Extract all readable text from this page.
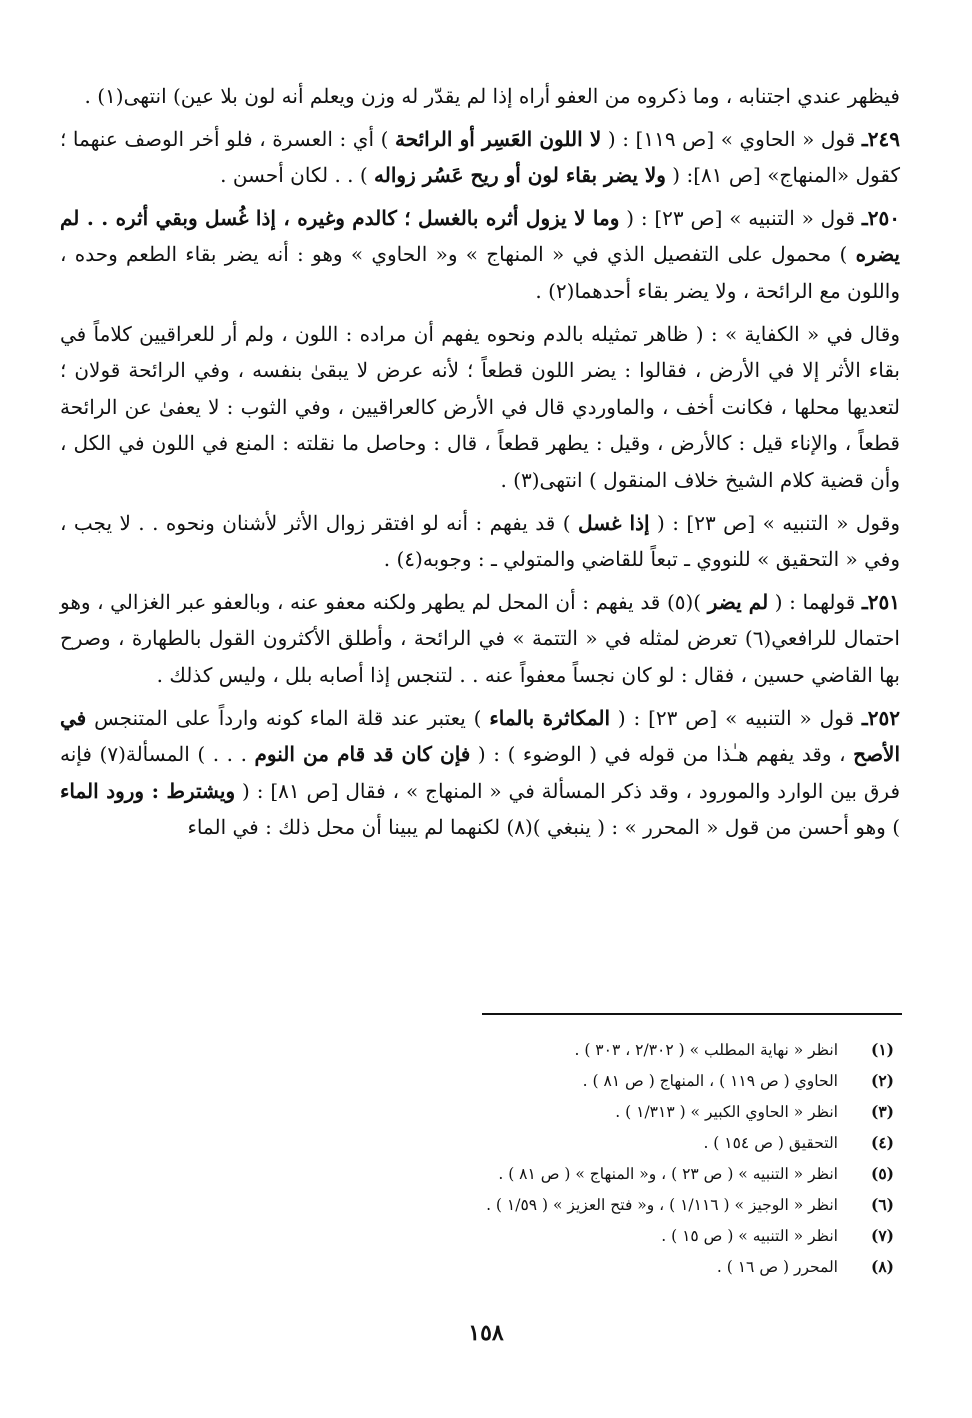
فيظهر عندي اجتنابه ، وما ذكروه من العفو أراه إذا لم يقدّر له وزن ويعلم أنه لون بلا عين) انتهى(١) .

٢٤٩ـ قول « الحاوي » [ص ١١٩] : ( لا اللون العَسِر أو الرائحة ) أي : العسرة ، فلو أخر الوصف عنهما ؛ كقول «المنهاج» [ص ٨١]: ( ولا يضر بقاء لون أو ريح عَسُر زواله ) . . لكان أحسن .

٢٥٠ـ قول « التنبيه » [ص ٢٣] : ( وما لا يزول أثره بالغسل ؛ كالدم وغيره ، إذا غُسل وبقي أثره . . لم يضره ) محمول على التفصيل الذي في « المنهاج » و« الحاوي » وهو : أنه يضر بقاء الطعم وحده ، واللون مع الرائحة ، ولا يضر بقاء أحدهما(٢) .

وقال في « الكفاية » : ( ظاهر تمثيله بالدم ونحوه يفهم أن مراده : اللون ، ولم أر للعراقيين كلاماً في بقاء الأثر إلا في الأرض ، فقالوا : يضر اللون قطعاً ؛ لأنه عرض لا يبقىٰ بنفسه ، وفي الرائحة قولان ؛ لتعديها محلها ، فكانت أخف ، والماوردي قال في الأرض كالعراقيين ، وفي الثوب : لا يعفىٰ عن الرائحة قطعاً ، والإناء قيل : كالأرض ، وقيل : يطهر قطعاً ، قال : وحاصل ما نقلته : المنع في اللون في الكل ، وأن قضية كلام الشيخ خلاف المنقول ) انتهى(٣) .

وقول « التنبيه » [ص ٢٣] : ( إذا غسل ) قد يفهم : أنه لو افتقر زوال الأثر لأشنان ونحوه . . لا يجب ، وفي « التحقيق » للنووي ـ تبعاً للقاضي والمتولي ـ : وجوبه(٤) .

٢٥١ـ قولهما : ( لم يضر )(٥) قد يفهم : أن المحل لم يطهر ولكنه معفو عنه ، وبالعفو عبر الغزالي ، وهو احتمال للرافعي(٦) تعرض لمثله في « التتمة » في الرائحة ، وأطلق الأكثرون القول بالطهارة ، وصرح بها القاضي حسين ، فقال : لو كان نجساً معفواً عنه . . لتنجس إذا أصابه بلل ، وليس كذلك .

٢٥٢ـ قول « التنبيه » [ص ٢٣] : ( المكاثرة بالماء ) يعتبر عند قلة الماء كونه وارداً على المتنجس في الأصح ، وقد يفهم هـٰذا من قوله في ( الوضوء ) : ( فإن كان قد قام من النوم . . . ) المسألة(٧) فإنه فرق بين الوارد والمورود ، وقد ذكر المسألة في « المنهاج » ، فقال [ص ٨١] : ( ويشترط : ورود الماء ) وهو أحسن من قول « المحرر » : ( ينبغي )(٨) لكنهما لم يبينا أن محل ذلك : في الماء

(١)انظر « نهاية المطلب » ( ٢/٣٠٢ ، ٣٠٣ ) .
(٢)الحاوي ( ص ١١٩ ) ، المنهاج ( ص ٨١ ) .
(٣)انظر « الحاوي الكبير » ( ١/٣١٣ ) .
(٤)التحقيق ( ص ١٥٤ ) .
(٥)انظر « التنبيه » ( ص ٢٣ ) ، و« المنهاج » ( ص ٨١ ) .
(٦)انظر « الوجيز » ( ١/١١٦ ) ، و« فتح العزيز » ( ١/٥٩ ) .
(٧)انظر « التنبيه » ( ص ١٥ ) .
(٨)المحرر ( ص ١٦ ) .
١٥٨
